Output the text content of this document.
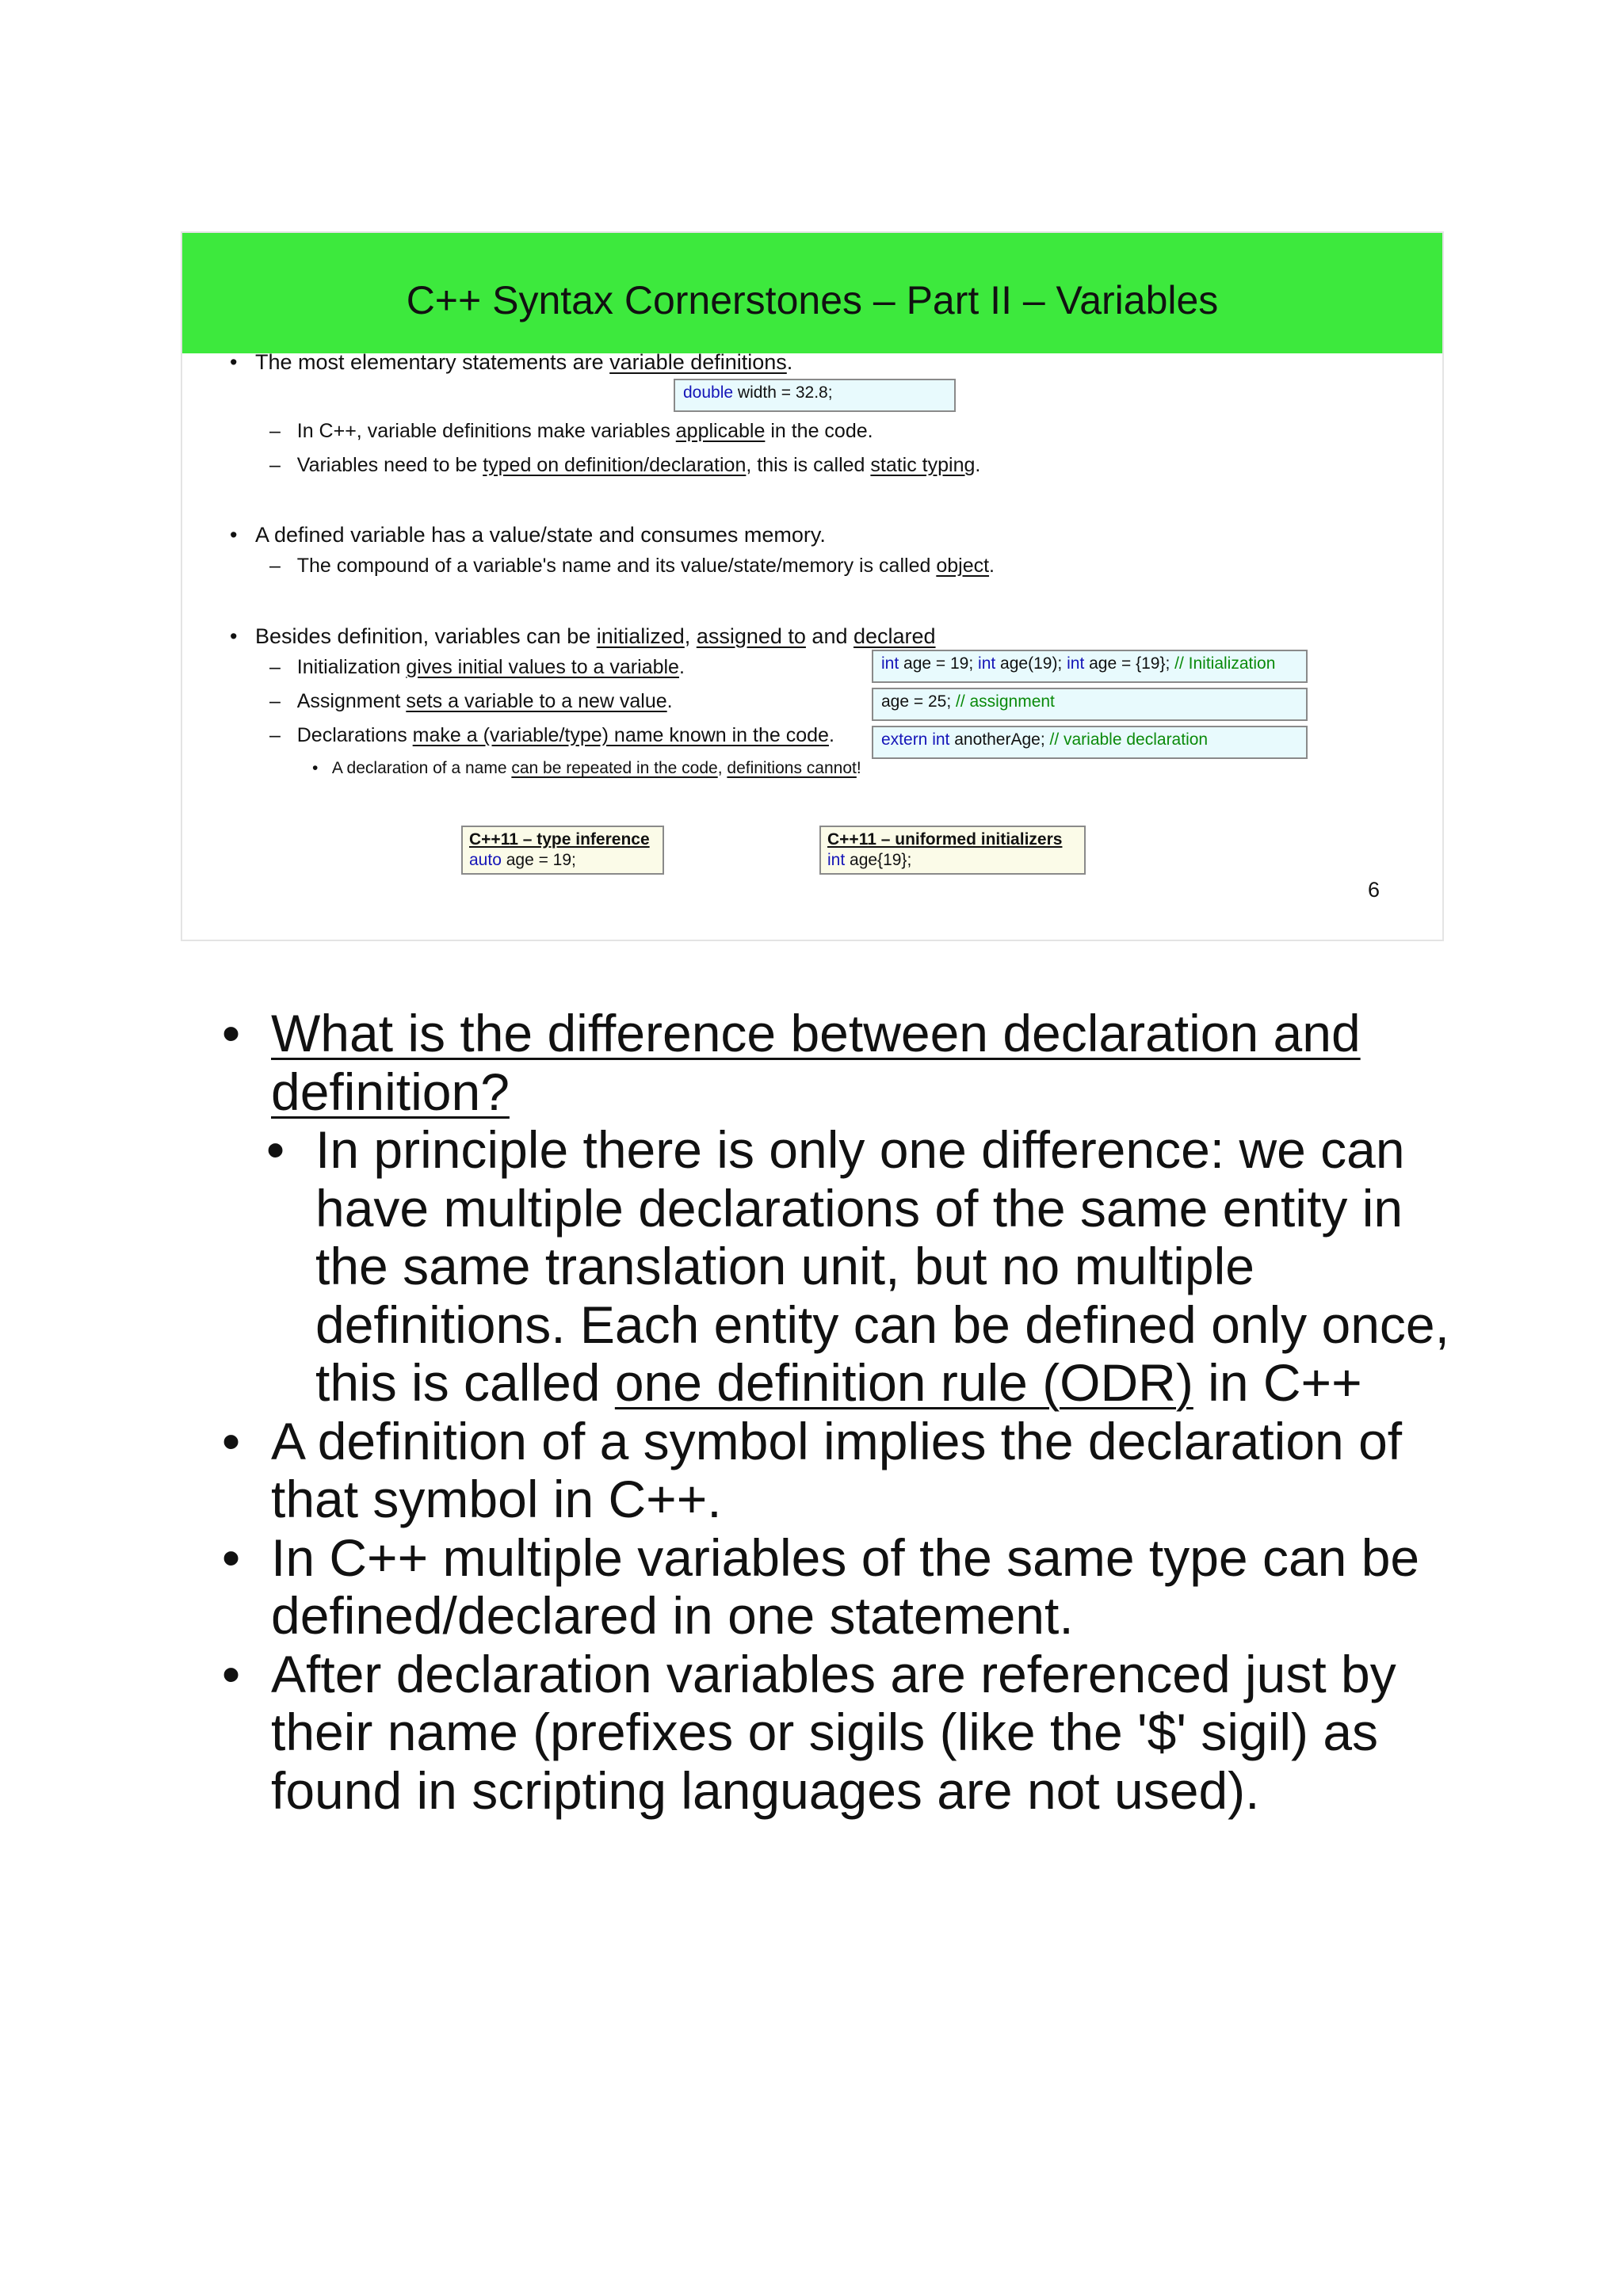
C++ Syntax Cornerstones – Part II – Variables
•   The most elementary statements are variable definitions.
double width = 32.8;
–   In C++, variable definitions make variables applicable in the code.
–   Variables need to be typed on definition/declaration, this is called static typing.
•   A defined variable has a value/state and consumes memory.
–   The compound of a variable's name and its value/state/memory is called object.
•   Besides definition, variables can be initialized, assigned to and declared
–   Initialization gives initial values to a variable.
–   Assignment sets a variable to a new value.
–   Declarations make a (variable/type) name known in the code.
•   A declaration of a name can be repeated in the code, definitions cannot!
int age = 19; int age(19); int age = {19}; // Initialization
age = 25; // assignment
extern int anotherAge; // variable declaration
C++11 – type inference
auto age = 19;
C++11 – uniformed initializers
int age{19};
6
• What is the difference between declaration and definition?
• In principle there is only one difference: we can have multiple declarations of the same entity in the same translation unit, but no multiple definitions. Each entity can be defined only once, this is called one definition rule (ODR) in C++
• A definition of a symbol implies the declaration of that symbol in C++.
• In C++ multiple variables of the same type can be defined/declared in one statement.
• After declaration variables are referenced just by their name (prefixes or sigils (like the '$' sigil) as found in scripting languages are not used).
